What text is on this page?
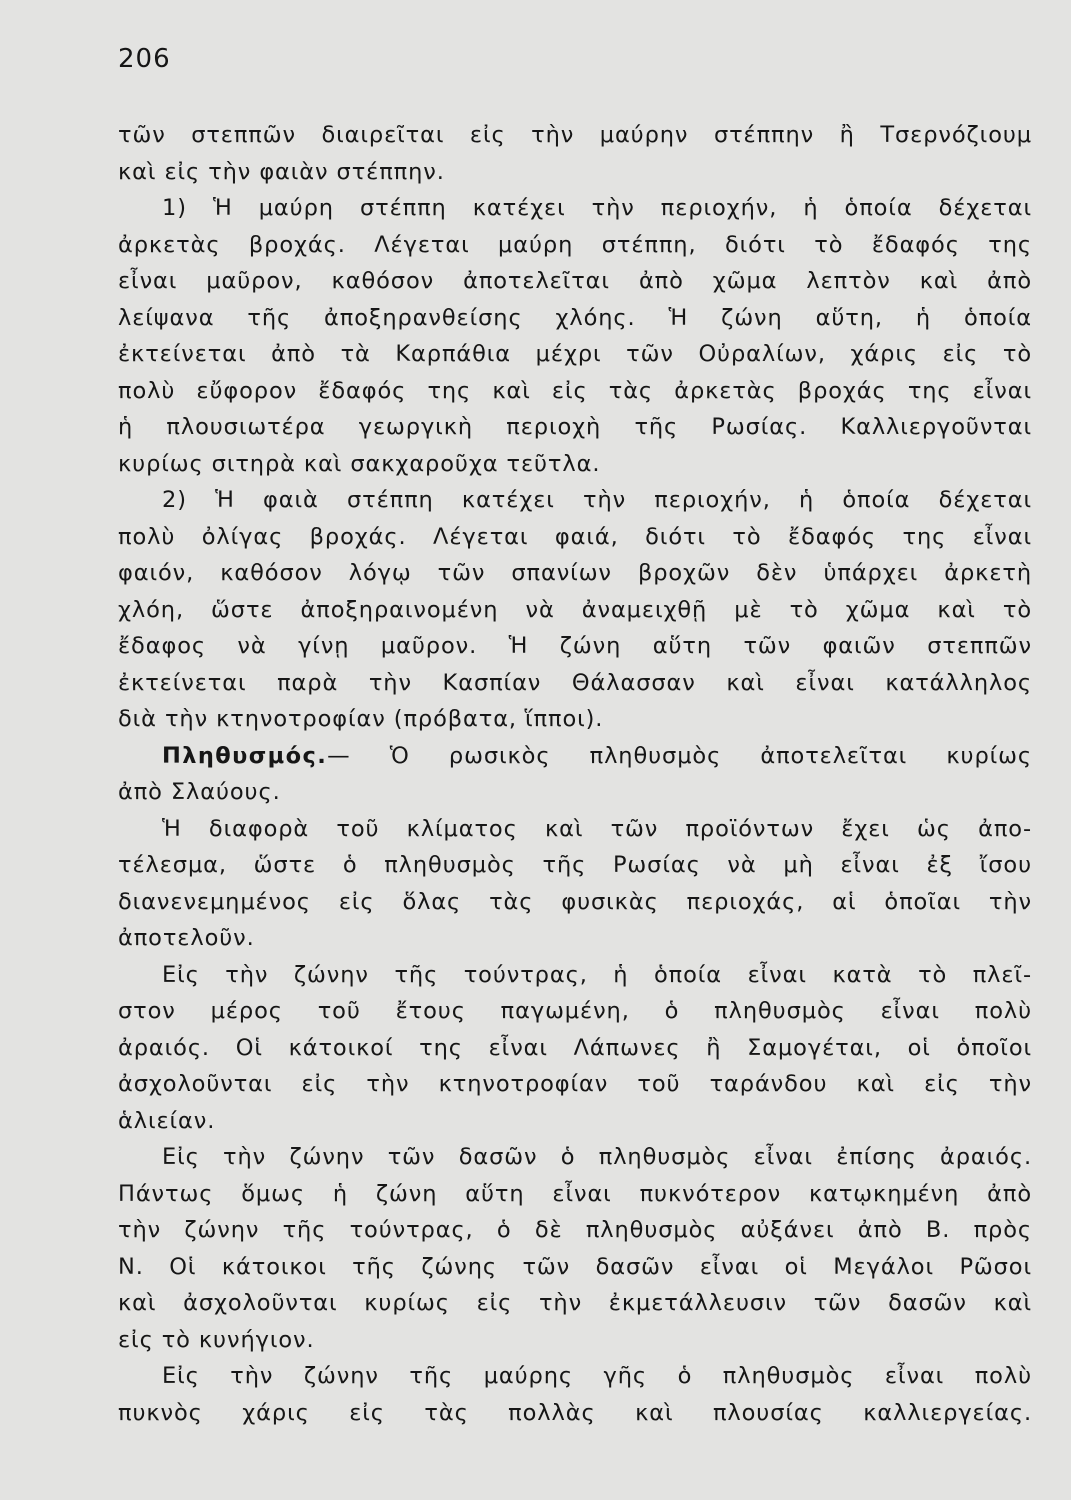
206
τῶν στεππῶν διαιρεῖται εἰς τὴν μαύρην στέππην ἢ Τσερνόζιουμ
καὶ εἰς τὴν φαιὰν στέππην.
1) Ἡ μαύρη στέππη κατέχει τὴν περιοχήν, ἡ ὁποία δέχεται
ἀρκετὰς βροχάς. Λέγεται μαύρη στέππη, διότι τὸ ἔδαφός της
εἶναι μαῦρον, καθόσον ἀποτελεῖται ἀπὸ χῶμα λεπτὸν καὶ ἀπὸ
λείψανα τῆς ἀποξηρανθείσης χλόης. Ἡ ζώνη αὕτη, ἡ ὁποία
ἐκτείνεται ἀπὸ τὰ Καρπάθια μέχρι τῶν Οὐραλίων, χάρις εἰς τὸ
πολὺ εὔφορον ἔδαφός της καὶ εἰς τὰς ἀρκετὰς βροχάς της εἶναι
ἡ πλουσιωτέρα γεωργικὴ περιοχὴ τῆς Ρωσίας. Καλλιεργοῦνται
κυρίως σιτηρὰ καὶ σακχαροῦχα τεῦτλα.
2) Ἡ φαιὰ στέππη κατέχει τὴν περιοχήν, ἡ ὁποία δέχεται
πολὺ ὀλίγας βροχάς. Λέγεται φαιά, διότι τὸ ἔδαφός της εἶναι
φαιόν, καθόσον λόγῳ τῶν σπανίων βροχῶν δὲν ὑπάρχει ἀρκετὴ
χλόη, ὥστε ἀποξηραινομένη νὰ ἀναμειχθῇ μὲ τὸ χῶμα καὶ τὸ
ἔδαφος νὰ γίνῃ μαῦρον. Ἡ ζώνη αὕτη τῶν φαιῶν στεππῶν
ἐκτείνεται παρὰ τὴν Κασπίαν Θάλασσαν καὶ εἶναι κατάλληλος
διὰ τὴν κτηνοτροφίαν (πρόβατα, ἵπποι).
Πληθυσμός.— Ὁ ρωσικὸς πληθυσμὸς ἀποτελεῖται κυρίως
ἀπὸ Σλαύους.
Ἡ διαφορὰ τοῦ κλίματος καὶ τῶν προϊόντων ἔχει ὡς ἀπο-
τέλεσμα, ὥστε ὁ πληθυσμὸς τῆς Ρωσίας νὰ μὴ εἶναι ἐξ ἴσου
διανενεμημένος εἰς ὅλας τὰς φυσικὰς περιοχάς, αἱ ὁποῖαι τὴν
ἀποτελοῦν.
Εἰς τὴν ζώνην τῆς τούντρας, ἡ ὁποία εἶναι κατὰ τὸ πλεῖ-
στον μέρος τοῦ ἔτους παγωμένη, ὁ πληθυσμὸς εἶναι πολὺ
ἀραιός. Οἱ κάτοικοί της εἶναι Λάπωνες ἢ Σαμογέται, οἱ ὁποῖοι
ἀσχολοῦνται εἰς τὴν κτηνοτροφίαν τοῦ ταράνδου καὶ εἰς τὴν
ἁλιείαν.
Εἰς τὴν ζώνην τῶν δασῶν ὁ πληθυσμὸς εἶναι ἐπίσης ἀραιός.
Πάντως ὅμως ἡ ζώνη αὕτη εἶναι πυκνότερον κατῳκημένη ἀπὸ
τὴν ζώνην τῆς τούντρας, ὁ δὲ πληθυσμὸς αὐξάνει ἀπὸ Β. πρὸς
Ν. Οἱ κάτοικοι τῆς ζώνης τῶν δασῶν εἶναι οἱ Μεγάλοι Ρῶσοι
καὶ ἀσχολοῦνται κυρίως εἰς τὴν ἐκμετάλλευσιν τῶν δασῶν καὶ
εἰς τὸ κυνήγιον.
Εἰς τὴν ζώνην τῆς μαύρης γῆς ὁ πληθυσμὸς εἶναι πολὺ
πυκνὸς χάρις εἰς τὰς πολλὰς καὶ πλουσίας καλλιεργείας.
